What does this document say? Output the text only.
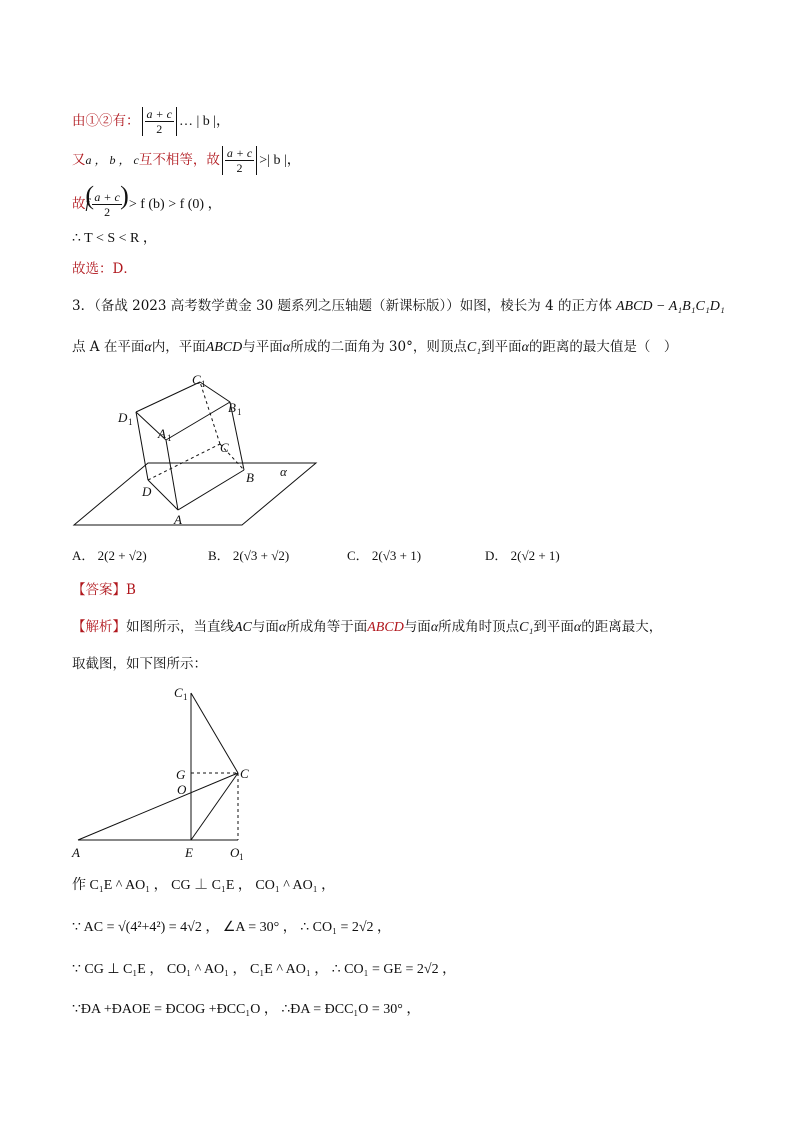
由①②有： $\frac{a + c}{2}$ … | b |，
又a ， b ， c互不相等，故 $\frac{a + c}{2}$ >| b |，
故f
( $\frac{a + c}{2}$
) > f (b) > f (0) ，
∴ T < S < R ，
故选：D．
3．（备战 2023 高考数学黄金 30 题系列之压轴题（新课标版））如图，棱长为 4 的正方体 ABCD − A₁B₁C₁D₁
点 A 在平面α内，平面ABCD与平面α所成的二面角为 30°，则顶点C₁到平面α的距离的最大值是（　）
C 1
B 1
D 1
A 1
C
B
D
A
α
A． 2(2 + √2)	B． 2(√3 + √2)	C． 2(√3 + 1)	D． 2(√2 + 1)
【答案】B
【解析】如图所示，当直线AC与面α所成角等于面ABCD与面α所成角时顶点C₁到平面α的距离最大，
取截图，如下图所示：
C 1
G	C
O
A	E	O 1
作 C₁E ^ AO₁ ， CG ⊥ C₁E ， CO₁ ^ AO₁ ，
∵ AC = √(4²+4²) = 4√2 ， ∠A = 30° ， ∴ CO₁ = 2√2 ，
∵ CG ⊥ C₁E ， CO₁ ^ AO₁ ， C₁E ^ AO₁ ， ∴ CO₁ = GE = 2√2 ，
∵ÐA +ÐAOE = ÐCOG +ÐCC₁O ， ∴ÐA = ÐCC₁O = 30° ，
